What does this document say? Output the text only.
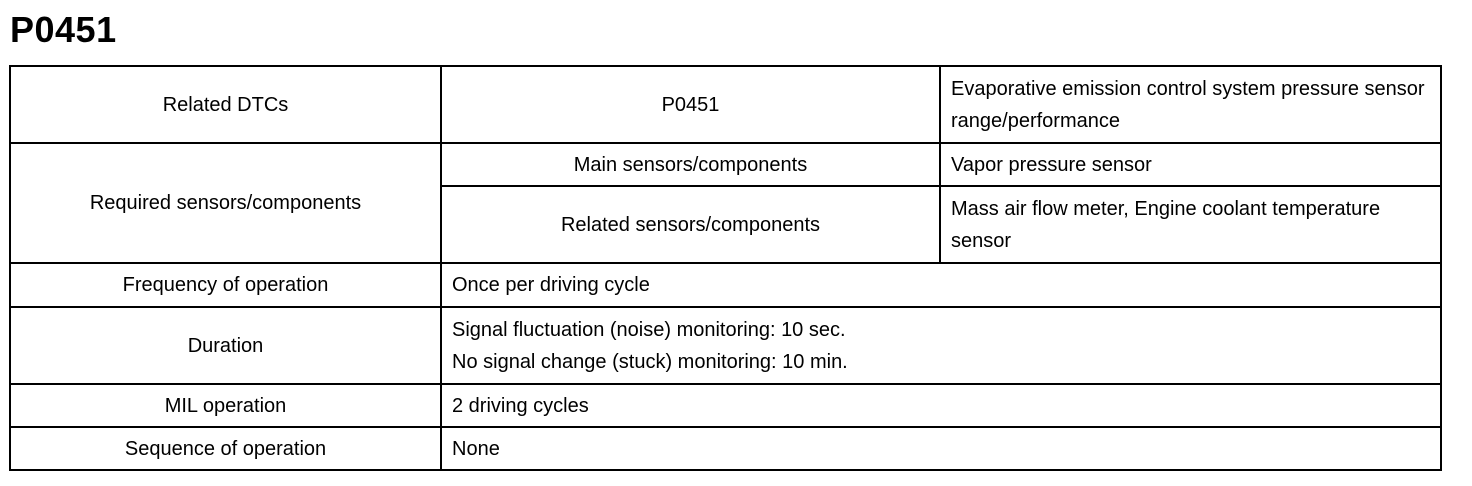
P0451
Related DTCs	P0451	Evaporative emission control system pressure sensor range/performance
Required sensors/components	Main sensors/components	Vapor pressure sensor
	Related sensors/components	Mass air flow meter, Engine coolant temperature sensor
Frequency of operation	Once per driving cycle	
Duration	Signal fluctuation (noise) monitoring: 10 sec.
No signal change (stuck) monitoring: 10 min.	

MIL operation	2 driving cycles	
Sequence of operation	None	
